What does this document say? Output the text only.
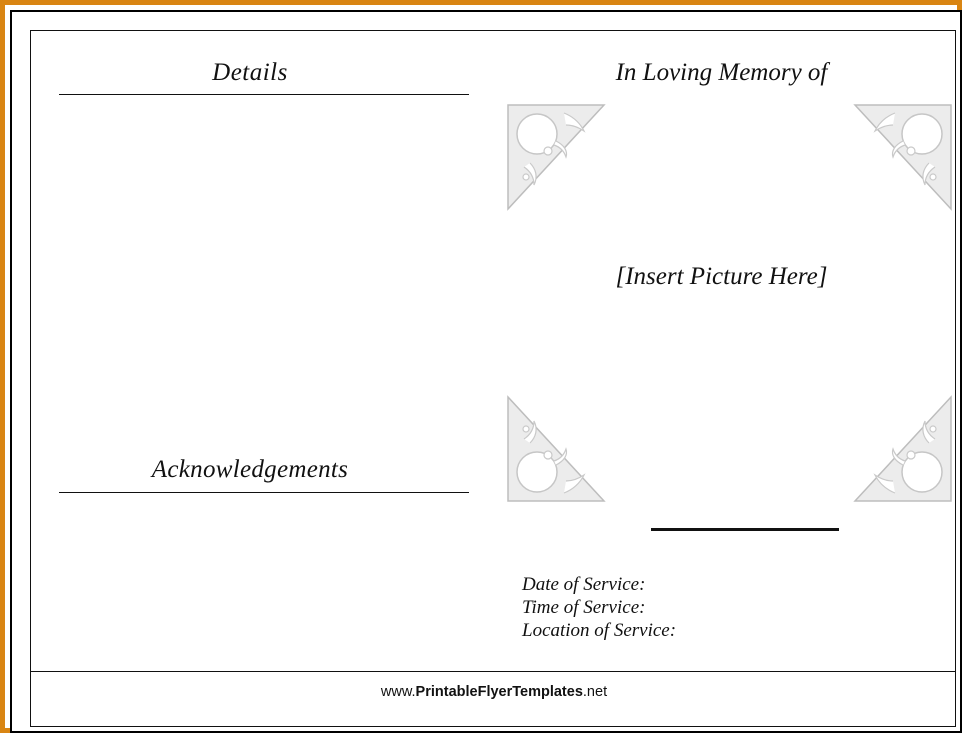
Details
Acknowledgements
In Loving Memory of
[Insert Picture Here]
Date of Service:
Time of Service:
Location of Service:
www.PrintableFlyerTemplates.net
